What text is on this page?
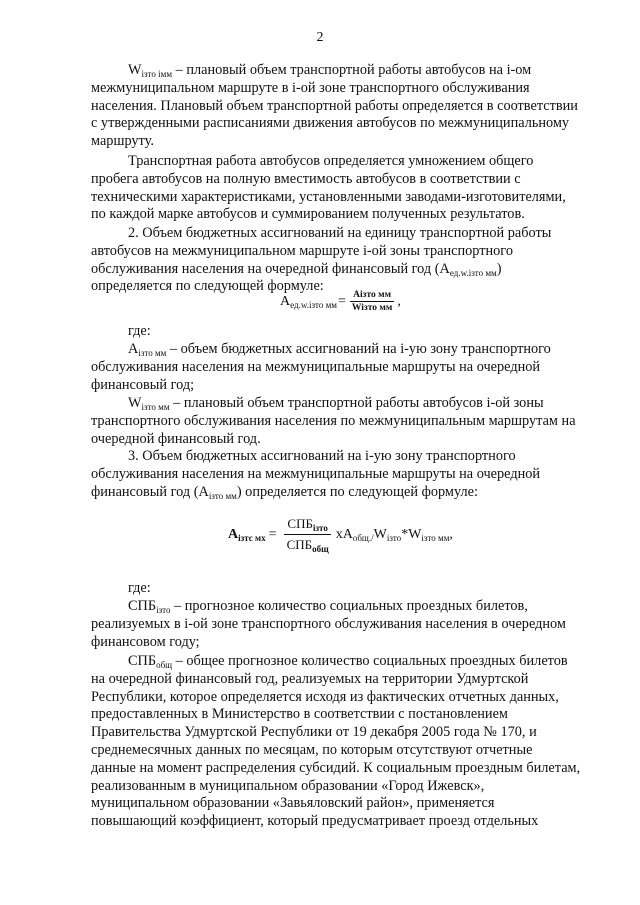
2
$W_{iзто iмм}$ – плановый объем транспортной работы автобусов на i-ом
межмуниципальном маршруте в i-ой зоне транспортного обслуживания
населения. Плановый объем транспортной работы определяется в соответствии
с утвержденными расписаниями движения автобусов по межмуниципальному
маршруту.
Транспортная работа автобусов определяется умножением общего
пробега автобусов на полную вместимость автобусов в соответствии с
техническими характеристиками, установленными заводами-изготовителями,
по каждой марке автобусов и суммированием полученных результатов.
2. Объем бюджетных ассигнований на единицу транспортной работы
автобусов на межмуниципальном маршруте i-ой зоны транспортного
обслуживания населения на очередной финансовый год $(А_{ед.w.iзто мм})$
определяется по следующей формуле:
А ед.w.iзто мм = $\frac{\text{Аiзто мм}}{\text{Wiзто мм}}$ ,
где:
$А_{iзто мм}$ – объем бюджетных ассигнований на i-ую зону транспортного
обслуживания населения на межмуниципальные маршруты на очередной
финансовый год;
$W_{iзто мм}$ – плановый объем транспортной работы автобусов i-ой зоны
транспортного обслуживания населения по межмуниципальным маршрутам на
очередной финансовый год.
3. Объем бюджетных ассигнований на i-ую зону транспортного
обслуживания населения на межмуниципальные маршруты на очередной
финансовый год $(А_{iзто мм})$ определяется по следующей формуле:
А iзтс мх = $\frac{СПБ_{iзто}}{СПБ_{общ}}$ х А общ./ W iзто * W iзто мм ,
где:
$СПБ_{iзто}$ – прогнозное количество социальных проездных билетов,
реализуемых в i-ой зоне транспортного обслуживания населения в очередном
финансовом году;
$СПБ_{общ}$ – общее прогнозное количество социальных проездных билетов
на очередной финансовый год, реализуемых на территории Удмуртской
Республики, которое определяется исходя из фактических отчетных данных,
предоставленных в Министерство в соответствии с постановлением
Правительства Удмуртской Республики от 19 декабря 2005 года № 170, и
среднемесячных данных по месяцам, по которым отсутствуют отчетные
данные на момент распределения субсидий. К социальным проездным билетам,
реализованным в муниципальном образовании «Город Ижевск»,
муниципальном образовании «Завьяловский район», применяется
повышающий коэффициент, который предусматривает проезд отдельных
